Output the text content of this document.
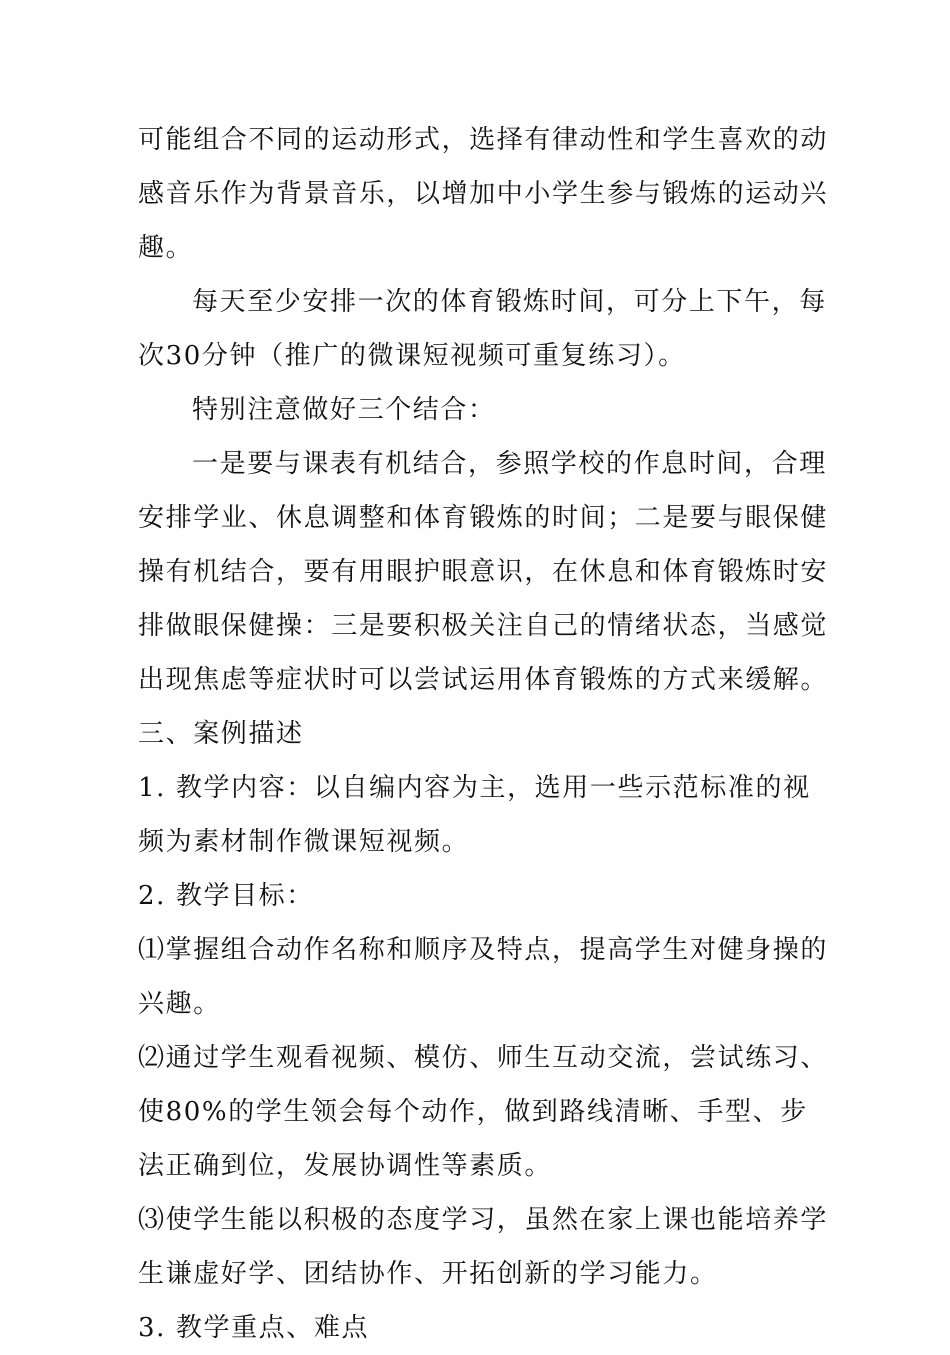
可能组合不同的运动形式，选择有律动性和学生喜欢的动感音乐作为背景音乐，以增加中小学生参与锻炼的运动兴趣。

每天至少安排一次的体育锻炼时间，可分上下午，每次30分钟（推广的微课短视频可重复练习）。

特别注意做好三个结合：

一是要与课表有机结合，参照学校的作息时间，合理安排学业、休息调整和体育锻炼的时间；二是要与眼保健操有机结合，要有用眼护眼意识，在休息和体育锻炼时安排做眼保健操：三是要积极关注自己的情绪状态，当感觉出现焦虑等症状时可以尝试运用体育锻炼的方式来缓解。

三、案例描述

1. 教学内容：以自编内容为主，选用一些示范标准的视频为素材制作微课短视频。

2. 教学目标：

⑴掌握组合动作名称和顺序及特点，提高学生对健身操的兴趣。

⑵通过学生观看视频、模仿、师生互动交流，尝试练习、使80%的学生领会每个动作，做到路线清晰、手型、步法正确到位，发展协调性等素质。

⑶使学生能以积极的态度学习，虽然在家上课也能培养学生谦虚好学、团结协作、开拓创新的学习能力。

3. 教学重点、难点
